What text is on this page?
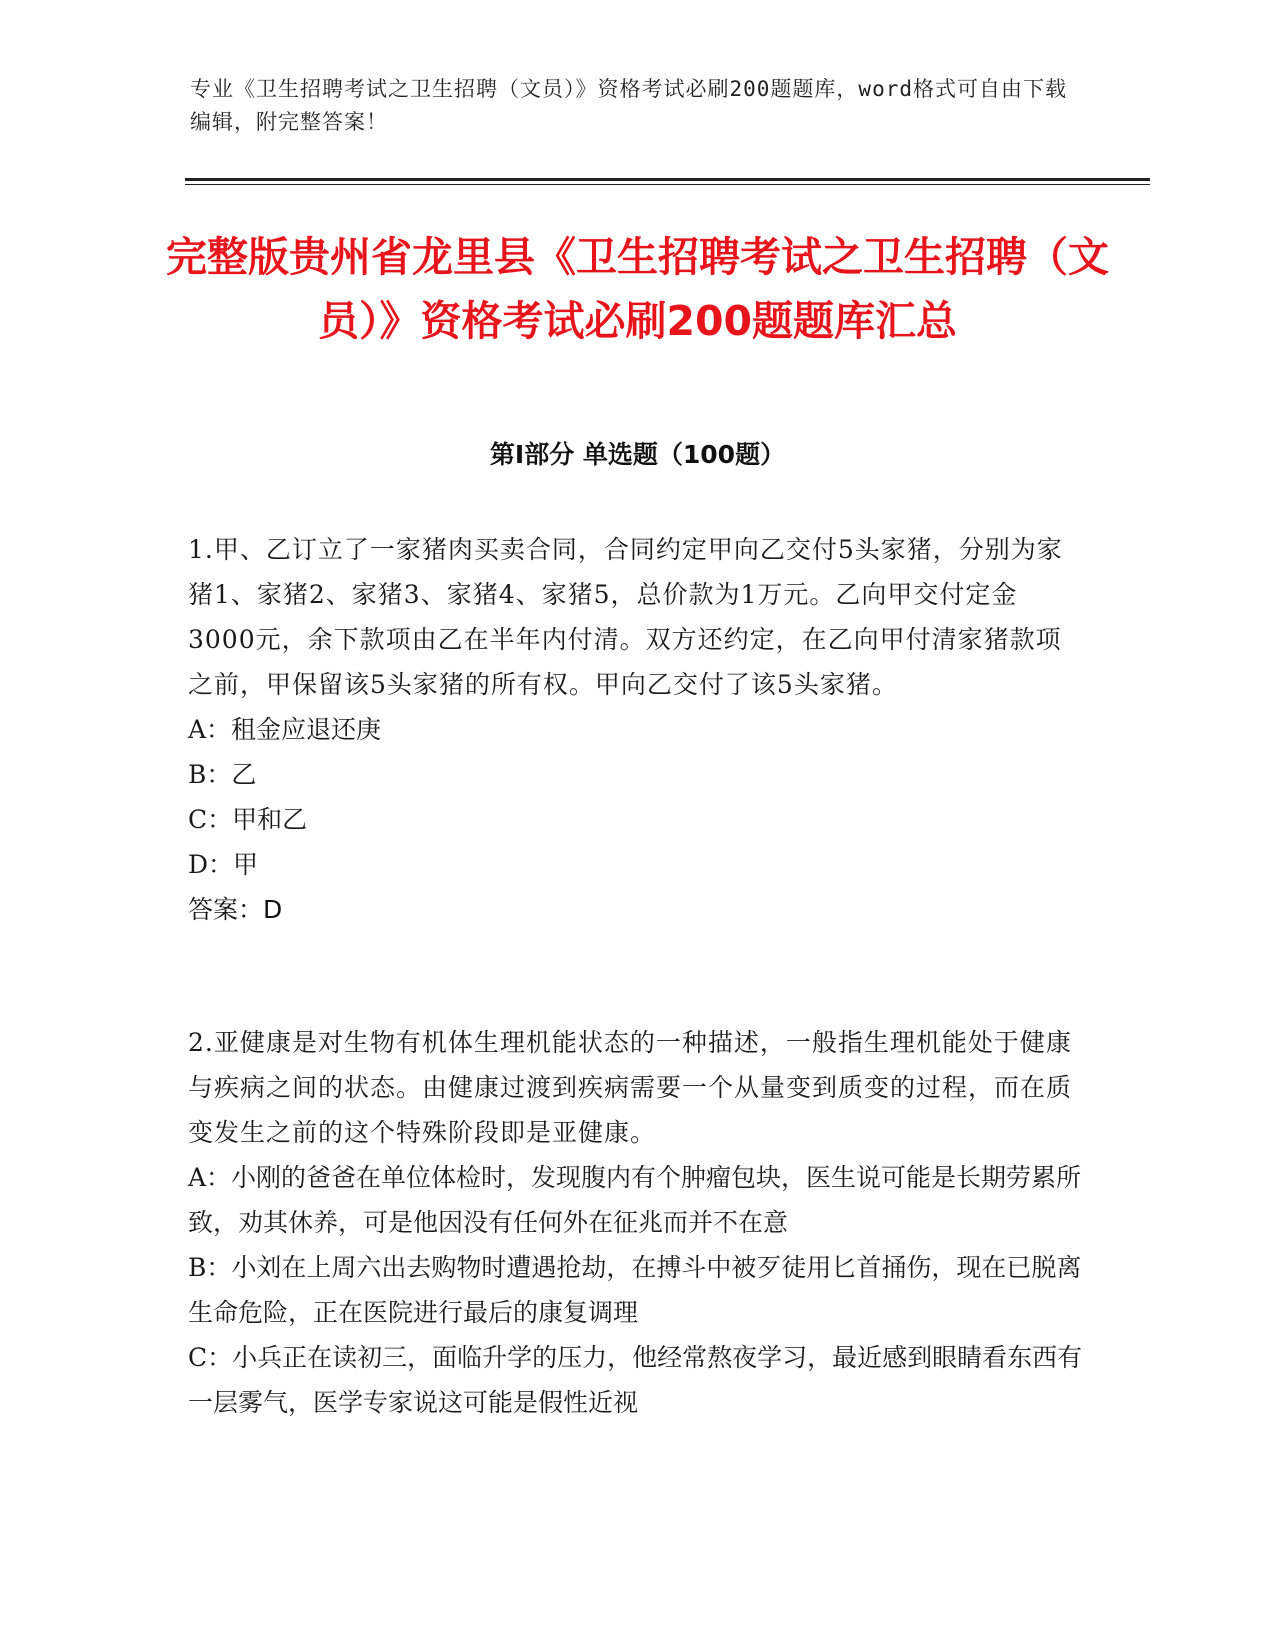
专业《卫生招聘考试之卫生招聘（文员）》资格考试必刷200题题库，word格式可自由下载编辑，附完整答案！
完整版贵州省龙里县《卫生招聘考试之卫生招聘（文员）》资格考试必刷200题题库汇总
第Ⅰ部分 单选题（100题）

1.甲、乙订立了一家猪肉买卖合同，合同约定甲向乙交付5头家猪，分别为家猪1、家猪2、家猪3、家猪4、家猪5，总价款为1万元。乙向甲交付定金3000元，余下款项由乙在半年内付清。双方还约定，在乙向甲付清家猪款项之前，甲保留该5头家猪的所有权。甲向乙交付了该5头家猪。

A：租金应退还庚

B：乙

C：甲和乙

D：甲

答案：D

2.亚健康是对生物有机体生理机能状态的一种描述，一般指生理机能处于健康与疾病之间的状态。由健康过渡到疾病需要一个从量变到质变的过程，而在质变发生之前的这个特殊阶段即是亚健康。

A：小刚的爸爸在单位体检时，发现腹内有个肿瘤包块，医生说可能是长期劳累所致，劝其休养，可是他因没有任何外在征兆而并不在意

B：小刘在上周六出去购物时遭遇抢劫，在搏斗中被歹徒用匕首捅伤，现在已脱离生命危险，正在医院进行最后的康复调理

C：小兵正在读初三，面临升学的压力，他经常熬夜学习，最近感到眼睛看东西有一层雾气，医学专家说这可能是假性近视
